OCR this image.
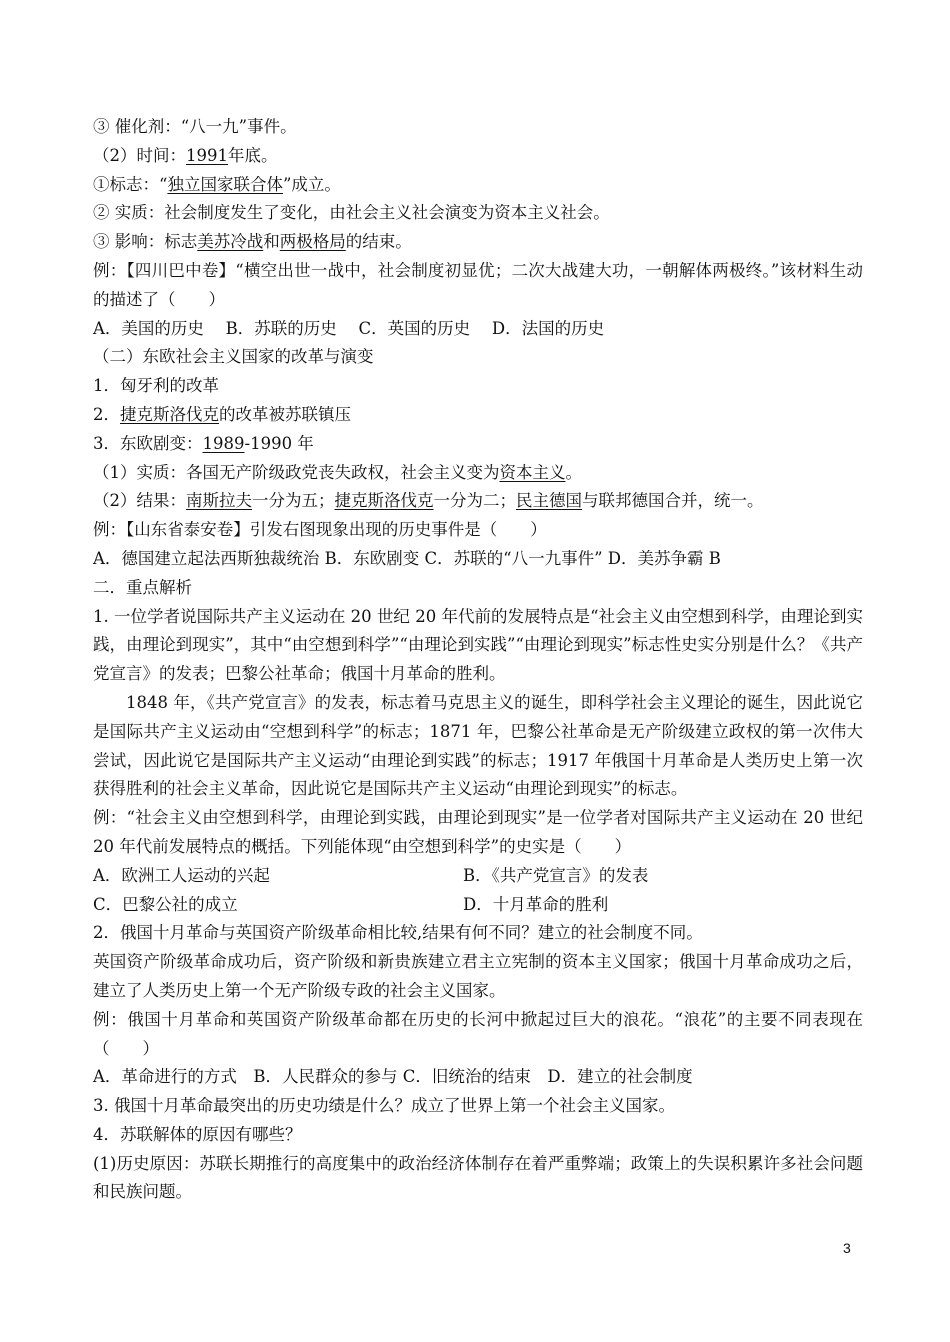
③ 催化剂：“八一九”事件。
（2）时间：1991年底。
①标志：“独立国家联合体”成立。
② 实质：社会制度发生了变化，由社会主义社会演变为资本主义社会。
③ 影响：标志美苏冷战和两极格局的结束。
例：【四川巴中卷】“横空出世一战中，社会制度初显优；二次大战建大功，一朝解体两极终。”该材料生动的描述了（　　）
A．美国的历史　 B．苏联的历史　 C．英国的历史　 D．法国的历史
（二）东欧社会主义国家的改革与演变
1．匈牙利的改革
2．捷克斯洛伐克的改革被苏联镇压
3．东欧剧变：1989-1990 年
（1）实质：各国无产阶级政党丧失政权，社会主义变为资本主义。
（2）结果：南斯拉夫一分为五；捷克斯洛伐克一分为二；民主德国与联邦德国合并，统一。
例：【山东省泰安卷】引发右图现象出现的历史事件是（　　）
A．德国建立起法西斯独裁统治 B．东欧剧变 C．苏联的“八一九事件” D．美苏争霸 B
二．重点解析
1. 一位学者说国际共产主义运动在 20 世纪 20 年代前的发展特点是“社会主义由空想到科学，由理论到实践，由理论到现实”，其中“由空想到科学”“由理论到实践”“由理论到现实”标志性史实分别是什么？《共产党宣言》的发表；巴黎公社革命；俄国十月革命的胜利。
1848 年，《共产党宣言》的发表，标志着马克思主义的诞生，即科学社会主义理论的诞生，因此说它是国际共产主义运动由“空想到科学”的标志；1871 年，巴黎公社革命是无产阶级建立政权的第一次伟大尝试，因此说它是国际共产主义运动“由理论到实践”的标志；1917 年俄国十月革命是人类历史上第一次获得胜利的社会主义革命，因此说它是国际共产主义运动“由理论到现实”的标志。
例：“社会主义由空想到科学，由理论到实践，由理论到现实”是一位学者对国际共产主义运动在 20 世纪 20 年代前发展特点的概括。下列能体现“由空想到科学”的史实是（　　）
A．欧洲工人运动的兴起	B．《共产党宣言》的发表
C．巴黎公社的成立	D．十月革命的胜利
2．俄国十月革命与英国资产阶级革命相比较,结果有何不同？建立的社会制度不同。
英国资产阶级革命成功后，资产阶级和新贵族建立君主立宪制的资本主义国家；俄国十月革命成功之后，建立了人类历史上第一个无产阶级专政的社会主义国家。
例：俄国十月革命和英国资产阶级革命都在历史的长河中掀起过巨大的浪花。“浪花”的主要不同表现在（　　）
A．革命进行的方式　B．人民群众的参与 C．旧统治的结束　D．建立的社会制度
3. 俄国十月革命最突出的历史功绩是什么？成立了世界上第一个社会主义国家。
4．苏联解体的原因有哪些？
(1)历史原因：苏联长期推行的高度集中的政治经济体制存在着严重弊端；政策上的失误积累许多社会问题和民族问题。
3
